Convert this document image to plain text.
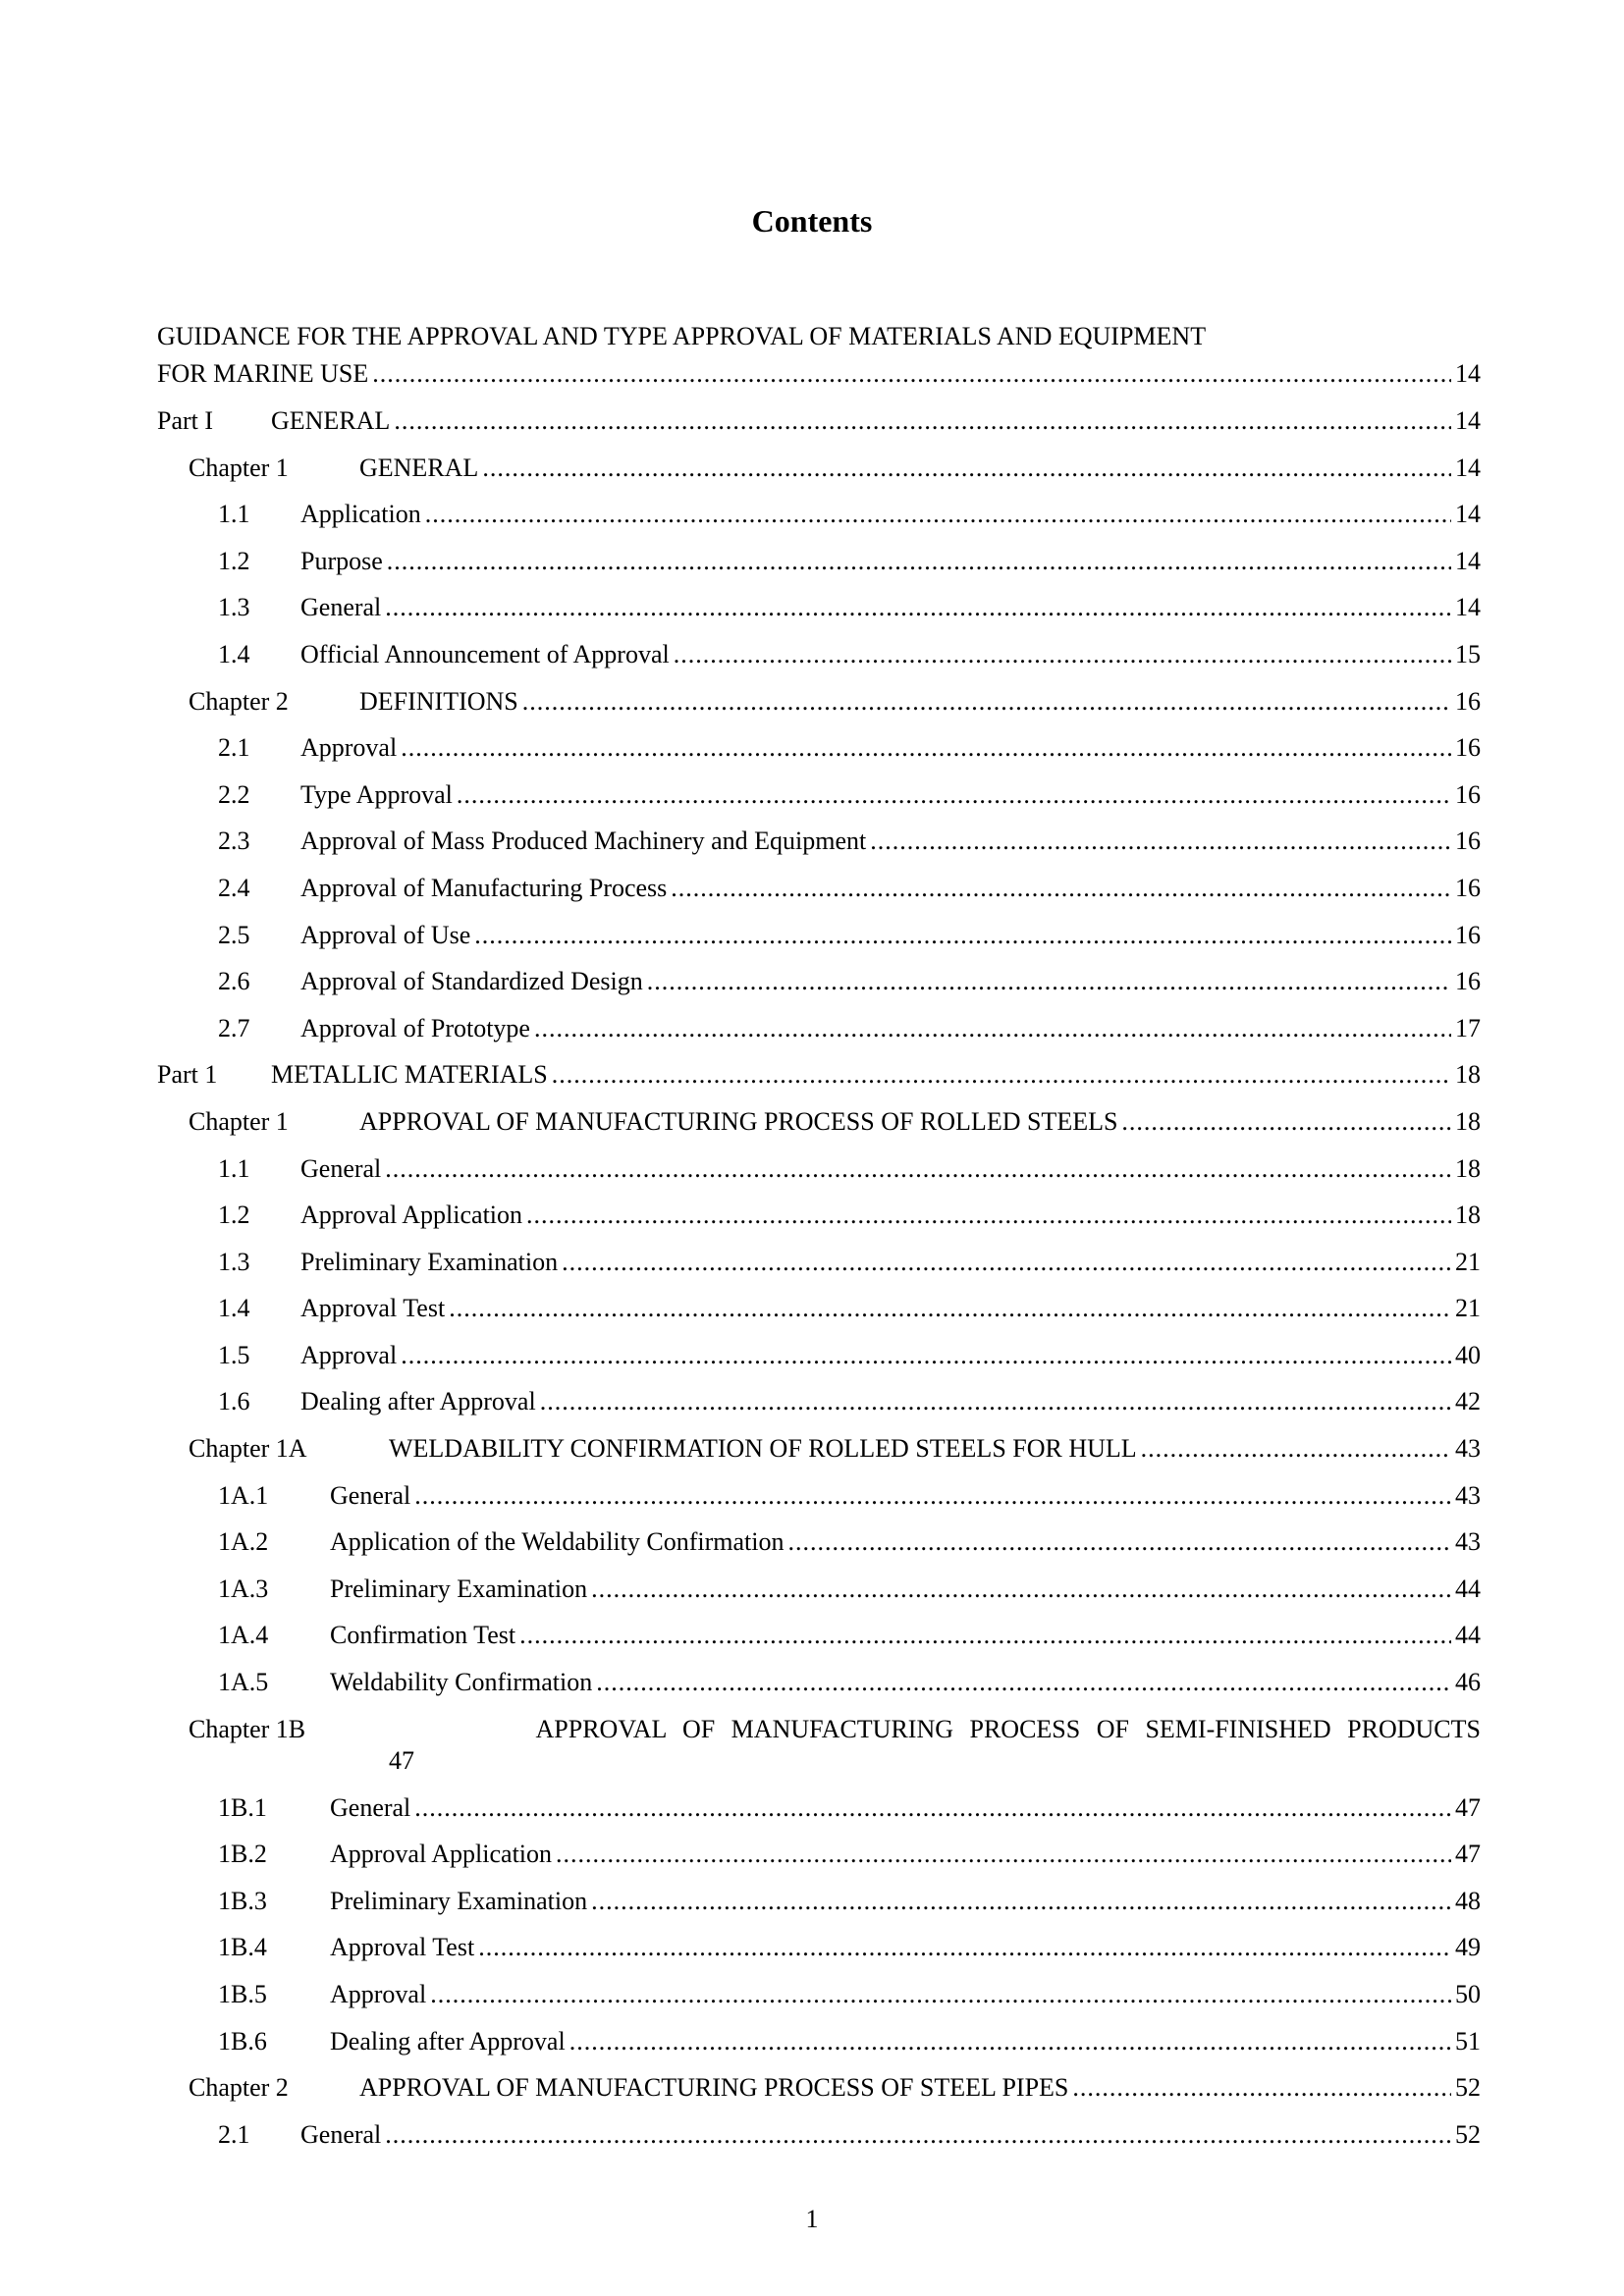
Contents
GUIDANCE FOR THE APPROVAL AND TYPE APPROVAL OF MATERIALS AND EQUIPMENT
FOR MARINE USE .....	14
Part I	GENERAL .....	14
Chapter 1	GENERAL .....	14
1.1	Application .....	14
1.2	Purpose .....	14
1.3	General .....	14
1.4	Official Announcement of Approval .....	15
Chapter 2	DEFINITIONS .....	16
2.1	Approval .....	16
2.2	Type Approval .....	16
2.3	Approval of Mass Produced Machinery and Equipment .....	16
2.4	Approval of Manufacturing Process .....	16
2.5	Approval of Use .....	16
2.6	Approval of Standardized Design .....	16
2.7	Approval of Prototype .....	17
Part 1	METALLIC MATERIALS .....	18
Chapter 1	APPROVAL OF MANUFACTURING PROCESS OF ROLLED STEELS .....	18
1.1	General .....	18
1.2	Approval Application .....	18
1.3	Preliminary Examination .....	21
1.4	Approval Test .....	21
1.5	Approval .....	40
1.6	Dealing after Approval .....	42
Chapter 1A	WELDABILITY CONFIRMATION OF ROLLED STEELS FOR HULL .....	43
1A.1	General .....	43
1A.2	Application of the Weldability Confirmation .....	43
1A.3	Preliminary Examination .....	44
1A.4	Confirmation Test .....	44
1A.5	Weldability Confirmation .....	46
Chapter 1B	APPROVAL OF MANUFACTURING PROCESS OF SEMI-FINISHED PRODUCTS
47
1B.1	General .....	47
1B.2	Approval Application .....	47
1B.3	Preliminary Examination .....	48
1B.4	Approval Test .....	49
1B.5	Approval .....	50
1B.6	Dealing after Approval .....	51
Chapter 2	APPROVAL OF MANUFACTURING PROCESS OF STEEL PIPES .....	52
2.1	General .....	52
1
